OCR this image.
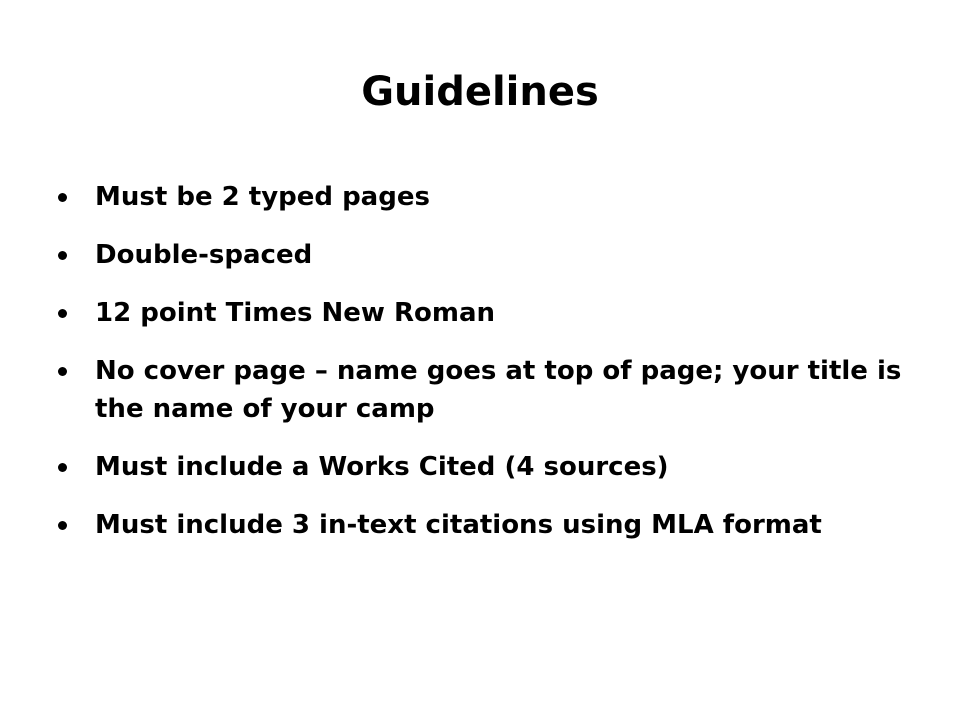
Guidelines
Must be 2 typed pages
Double-spaced
12 point Times New Roman
No cover page – name goes at top of page; your title is the name of your camp
Must include a Works Cited (4 sources)
Must include 3 in-text citations using MLA format
